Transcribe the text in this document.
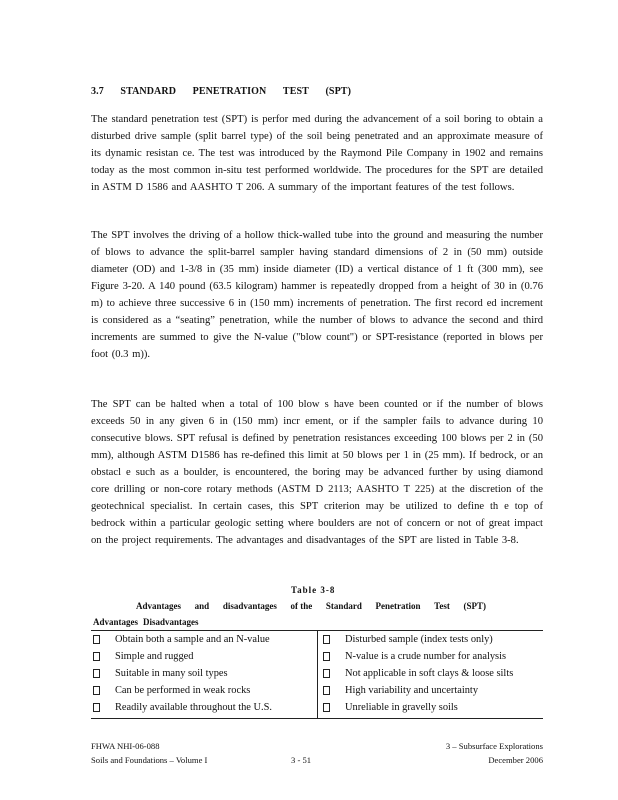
3.7 STANDARD PENETRATION TEST (SPT)

The standard penetration test (SPT) is perfor med during the advancement of a soil boring to obtain a disturbed drive sample (split barrel type) of the soil being penetrated and an approximate measure of its dynamic resistan ce. The test was introduced by the Raymond Pile Company in 1902 and remains today as the most common in-situ test performed worldwide. The procedures for the SPT are detailed in ASTM D 1586 and AASHTO T 206. A summary of the important features of the test follows.

The SPT involves the driving of a hollow thick-walled tube into the ground and measuring the number of blows to advance the split-barrel sampler having standard dimensions of 2 in (50 mm) outside diameter (OD) and 1-3/8 in (35 mm) inside diameter (ID) a vertical distance of 1 ft (300 mm), see Figure 3-20. A 140 pound (63.5 kilogram) hammer is repeatedly dropped from a height of 30 in (0.76 m) to achieve three successive 6 in (150 mm) increments of penetration. The first record ed increment is considered as a “seating” penetration, while the number of blows to advance the second and third increments are summed to give the N-value ("blow count") or SPT-resistance (reported in blows per foot (0.3 m)).

The SPT can be halted when a total of 100 blow s have been counted or if the number of blows exceeds 50 in any given 6 in (150 mm) incr ement, or if the sampler fails to advance during 10 consecutive blows. SPT refusal is defined by penetration resistances exceeding 100 blows per 2 in (50 mm), although ASTM D1586 has re-defined this limit at 50 blows per 1 in (25 mm). If bedrock, or an obstacl e such as a boulder, is encountered, the boring may be advanced further by using diamond core drilling or non-core rotary methods (ASTM D 2113; AASHTO T 225) at the discretion of the geotechnical specialist. In certain cases, this SPT criterion may be utilized to define th e top of bedrock within a particular geologic setting where boulders are not of concern or not of great impact on the project requirements. The advantages and disadvantages of the SPT are listed in Table 3-8.

Table 3-8
Advantages and disadvantages of the Standard Penetration Test (SPT)
Advantages Disadvantages
Obtain both a sample and an N-value
Simple and rugged
Suitable in many soil types
Can be performed in weak rocks
Readily available throughout the U.S.
Disturbed sample (index tests only)
N-value is a crude number for analysis
Not applicable in soft clays & loose silts
High variability and uncertainty
Unreliable in gravelly soils
FHWA NHI-06-088
Soils and Foundations – Volume I	3 - 51
3 – Subsurface Explorations
December 2006
